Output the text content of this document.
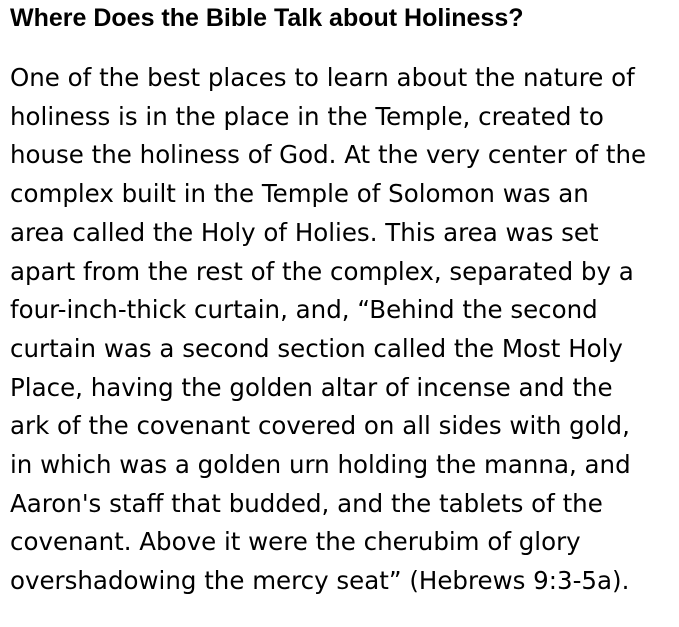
Where Does the Bible Talk about Holiness?

One of the best places to learn about the nature of
holiness is in the place in the Temple, created to
house the holiness of God. At the very center of the
complex built in the Temple of Solomon was an
area called the Holy of Holies. This area was set
apart from the rest of the complex, separated by a
four-inch-thick curtain, and, “Behind the second
curtain was a second section called the Most Holy
Place, having the golden altar of incense and the
ark of the covenant covered on all sides with gold,
in which was a golden urn holding the manna, and
Aaron's staff that budded, and the tablets of the
covenant. Above it were the cherubim of glory
overshadowing the mercy seat” (Hebrews 9:3-5a).
